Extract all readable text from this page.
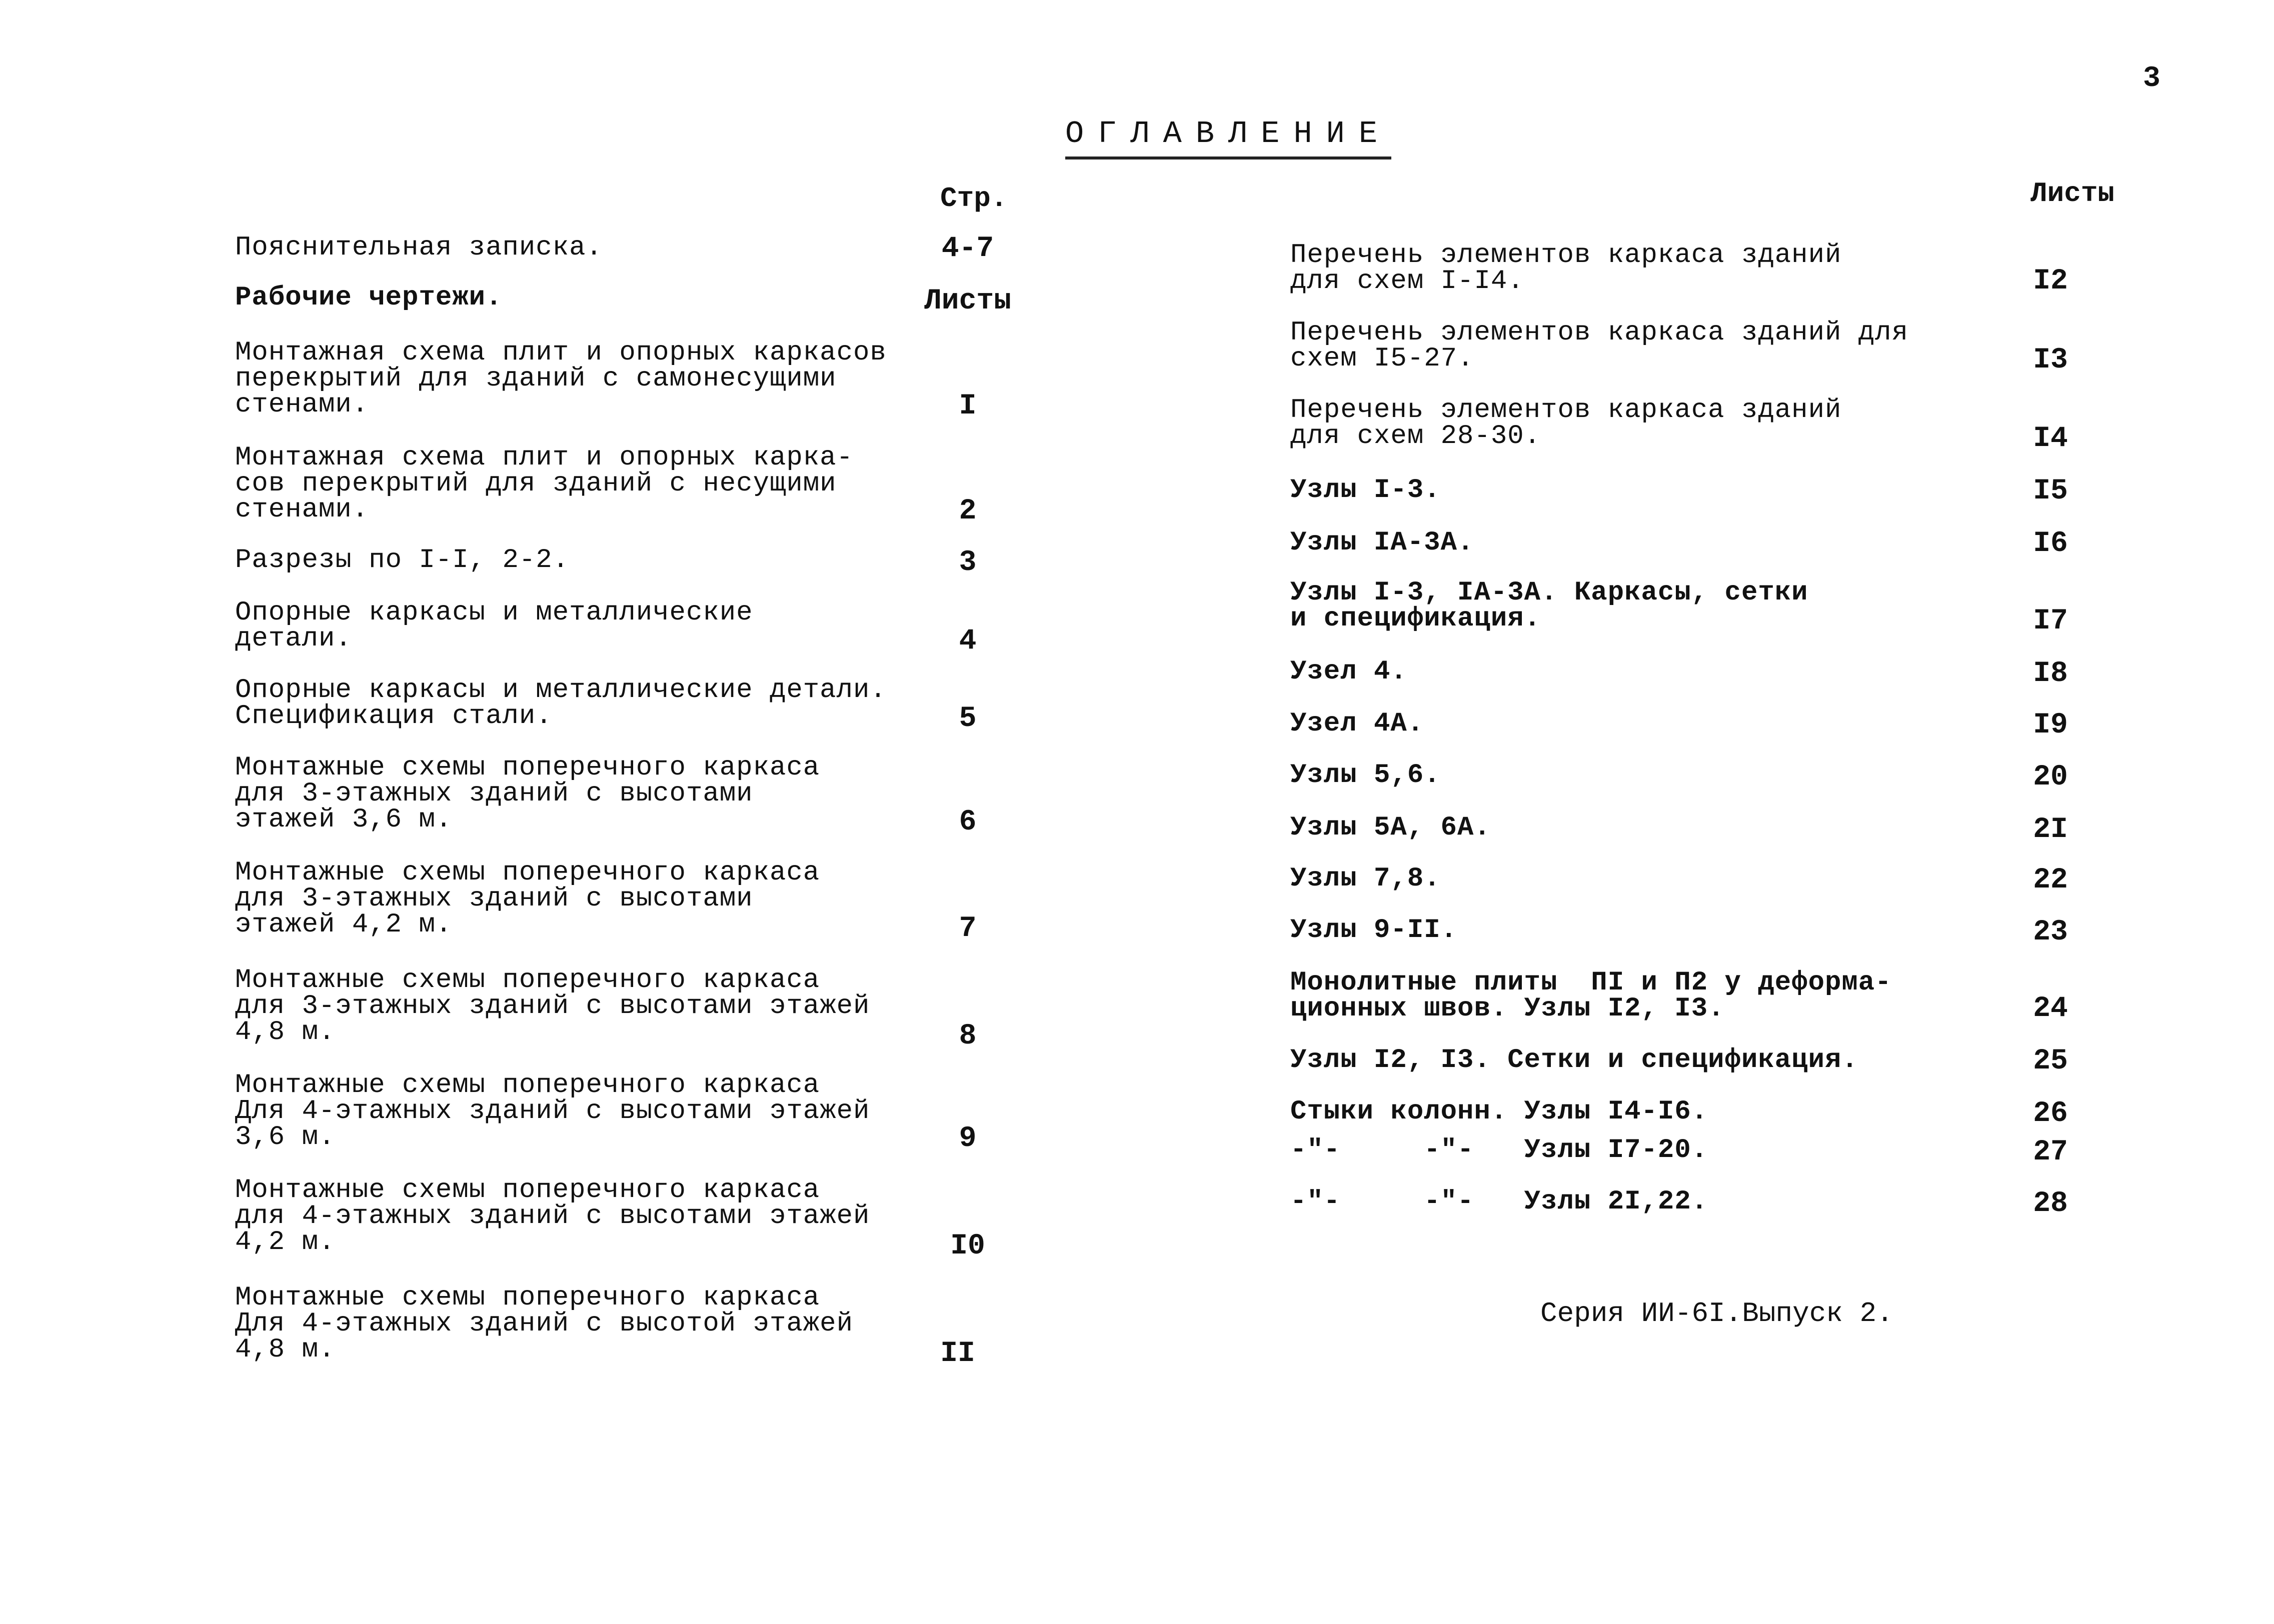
3
ОГЛАВЛЕНИЕ
Стр.
Пояснительная записка.	4-7
Рабочие чертежи.	Листы
Монтажная схема плит и опорных каркасов
перекрытий для зданий с самонесущими
стенами.	I
Монтажная схема плит и опорных карка-
сов перекрытий для зданий с несущими
стенами.	2
Разрезы по I-I, 2-2.	3
Опорные каркасы и металлические
детали.	4
Опорные каркасы и металлические детали.
Спецификация стали.	5
Монтажные схемы поперечного каркаса
для 3-этажных зданий с высотами
этажей 3,6 м.	6
Монтажные схемы поперечного каркаса
для 3-этажных зданий с высотами
этажей 4,2 м.	7
Монтажные схемы поперечного каркаса
для 3-этажных зданий с высотами этажей
4,8 м.	8
Монтажные схемы поперечного каркаса
Для 4-этажных зданий с высотами этажей
3,6 м.	9
Монтажные схемы поперечного каркаса
для 4-этажных зданий с высотами этажей
4,2 м.	I0
Монтажные схемы поперечного каркаса
Для 4-этажных зданий с высотой этажей
4,8 м.	II
Листы
Перечень элементов каркаса зданий
для схем I-I4.	I2
Перечень элементов каркаса зданий для
схем I5-27.	I3
Перечень элементов каркаса зданий
для схем 28-30.	I4
Узлы I-3.	I5
Узлы IA-3A.	I6
Узлы I-3, IA-3A. Каркасы, сетки
и спецификация.	I7
Узел 4.	I8
Узел 4А.	I9
Узлы 5,6.	20
Узлы 5А, 6А.	2I
Узлы 7,8.	22
Узлы 9-II.	23
Монолитные плиты  ПI и П2 у деформа-
ционных швов. Узлы I2, I3.	24
Узлы I2, I3. Сетки и спецификация.	25
Стыки колонн. Узлы I4-I6.	26
-"-     -"-   Узлы I7-20.	27
-"-     -"-   Узлы 2I,22.	28
Серия ИИ-6I.Выпуск 2.
